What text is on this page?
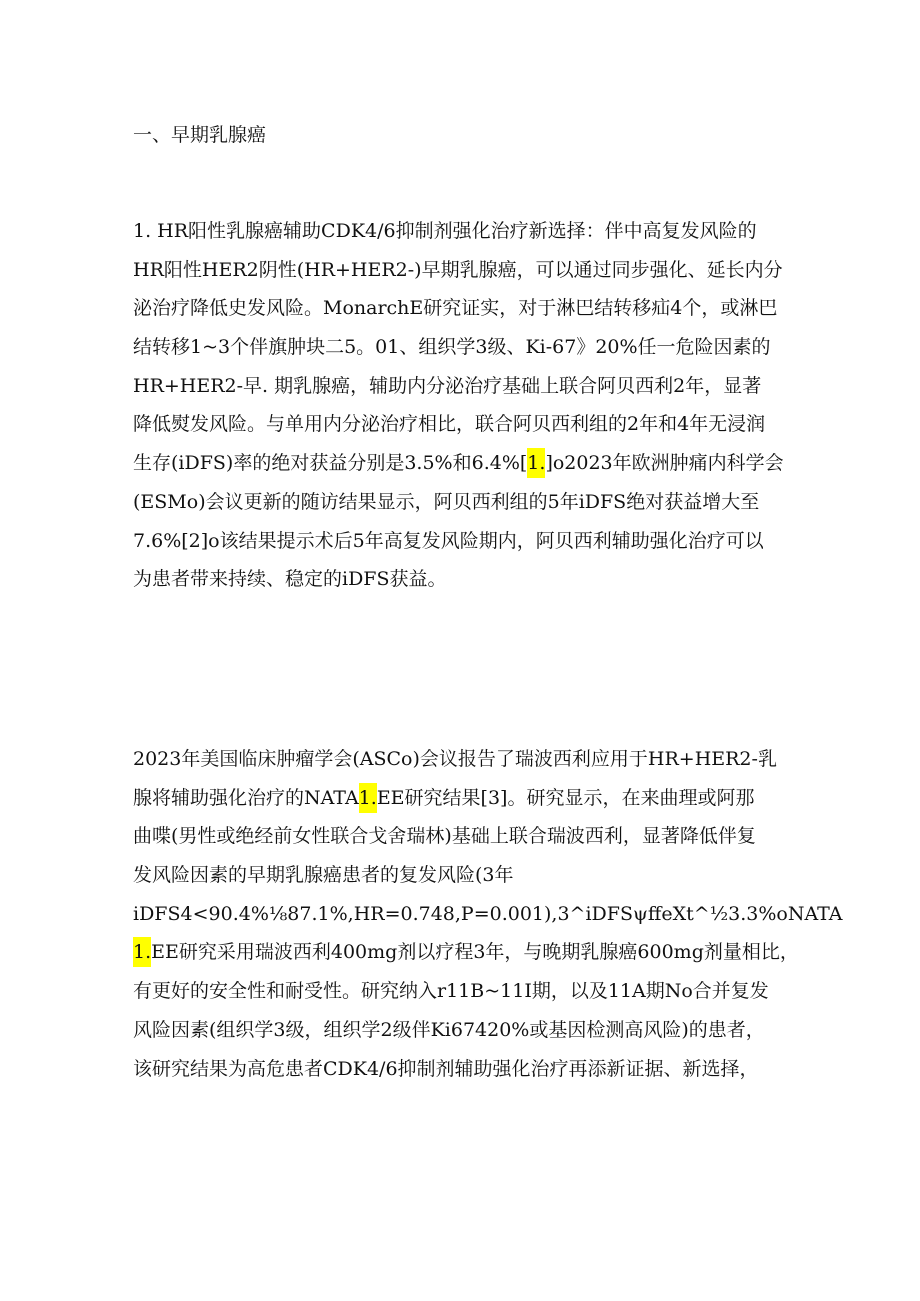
一、早期乳腺癌
1. HR阳性乳腺癌辅助CDK4/6抑制剂强化治疗新选择：伴中高复发风险的
HR阳性HER2阴性(HR+HER2-)早期乳腺癌，可以通过同步强化、延长内分
泌治疗降低史发风险。MonarchE研究证实，对于淋巴结转移疝4个，或淋巴
结转移1~3个伴旗肿块二5。01、组织学3级、Ki-67》20%任一危险因素的
HR+HER2-早. 期乳腺癌，辅助内分泌治疗基础上联合阿贝西利2年，显著
降低熨发风险。与单用内分泌治疗相比，联合阿贝西利组的2年和4年无浸润
生存(iDFS)率的绝对获益分别是3.5%和6.4%[1.]o2023年欧洲肿痛内科学会
(ESMo)会议更新的随访结果显示，阿贝西利组的5年iDFS绝对获益增大至
7.6%[2]o该结果提示术后5年高复发风险期内，阿贝西利辅助强化治疗可以
为患者带来持续、稳定的iDFS获益。
2023年美国临床肿瘤学会(ASCo)会议报告了瑞波西利应用于HR+HER2-乳
腺将辅助强化治疗的NATA1.EE研究结果[3]。研究显示，在来曲理或阿那
曲喋(男性或绝经前女性联合戈舍瑞林)基础上联合瑞波西利，显著降低伴复
发风险因素的早期乳腺癌患者的复发风险(3年
iDFS4<90.4%⅛87.1%,HR=0.748,P=0.001),3^iDFSψffeXt^½3.3%oNATA
1.EE研究采用瑞波西利400mg剂以疗程3年，与晚期乳腺癌600mg剂量相比，
有更好的安全性和耐受性。研究纳入r11B~11I期，以及11A期No合并复发
风险因素(组织学3级，组织学2级伴Ki67420%或基因检测高风险)的患者，
该研究结果为高危患者CDK4/6抑制剂辅助强化治疗再添新证据、新选择，
